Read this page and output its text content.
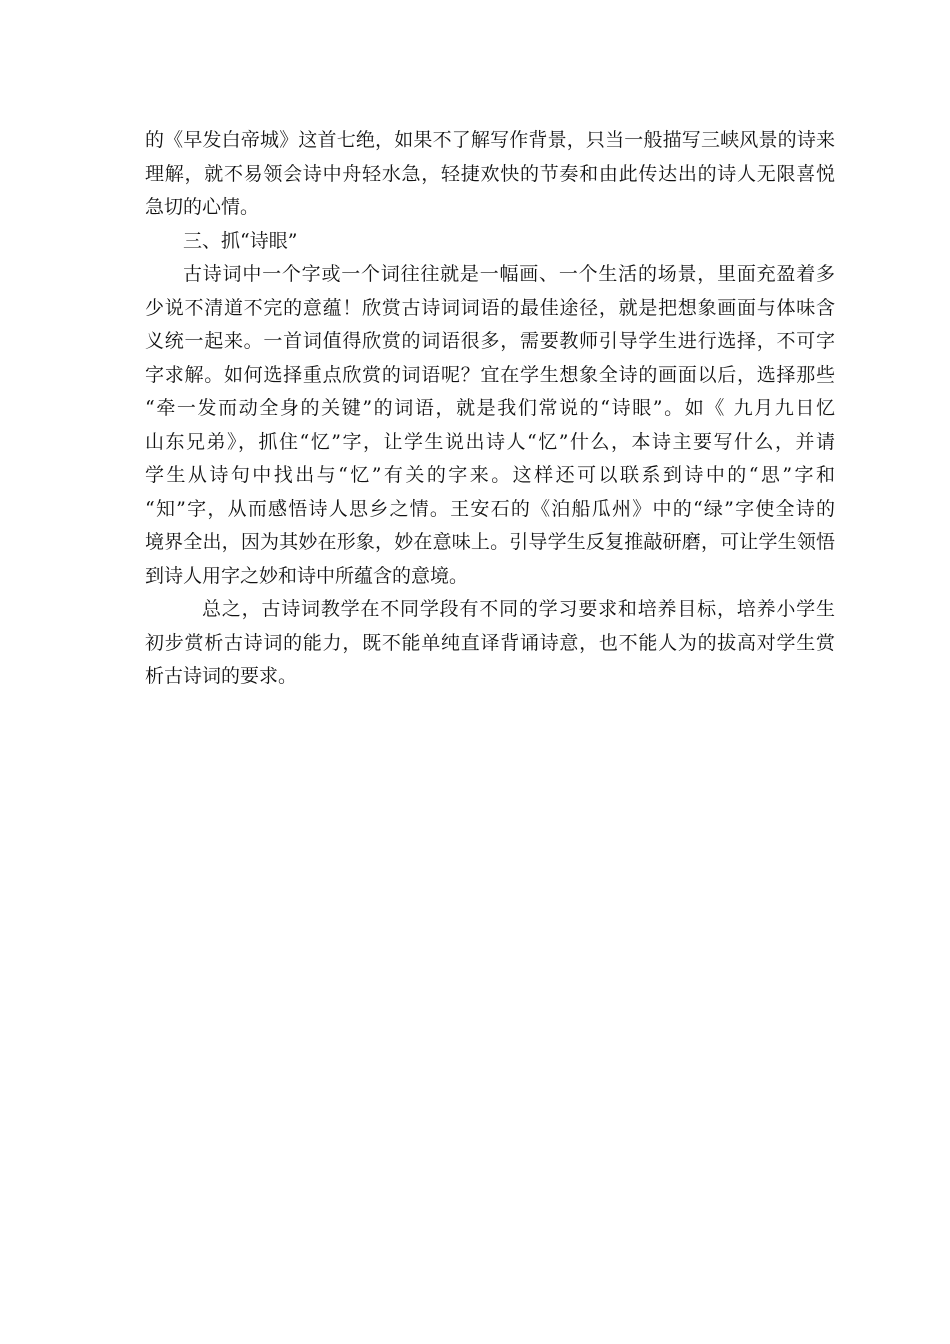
的《早发白帝城》这首七绝，如果不了解写作背景，只当一般描写三峡风景的诗来
理解，就不易领会诗中舟轻水急，轻捷欢快的节奏和由此传达出的诗人无限喜悦
急切的心情。
三、抓“诗眼”
古诗词中一个字或一个词往往就是一幅画、一个生活的场景，里面充盈着多
少说不清道不完的意蕴！欣赏古诗词词语的最佳途径，就是把想象画面与体味含
义统一起来。一首词值得欣赏的词语很多，需要教师引导学生进行选择，不可字
字求解。如何选择重点欣赏的词语呢？宜在学生想象全诗的画面以后，选择那些
“牵一发而动全身的关键”的词语，就是我们常说的“诗眼”。如《 九月九日忆
山东兄弟》，抓住“忆”字，让学生说出诗人“忆”什么，本诗主要写什么，并请
学生从诗句中找出与“忆”有关的字来。这样还可以联系到诗中的“思”字和
“知”字，从而感悟诗人思乡之情。王安石的《泊船瓜州》中的“绿”字使全诗的
境界全出，因为其妙在形象，妙在意味上。引导学生反复推敲研磨，可让学生领悟
到诗人用字之妙和诗中所蕴含的意境。
总之，古诗词教学在不同学段有不同的学习要求和培养目标，培养小学生
初步赏析古诗词的能力，既不能单纯直译背诵诗意，也不能人为的拔高对学生赏
析古诗词的要求。
